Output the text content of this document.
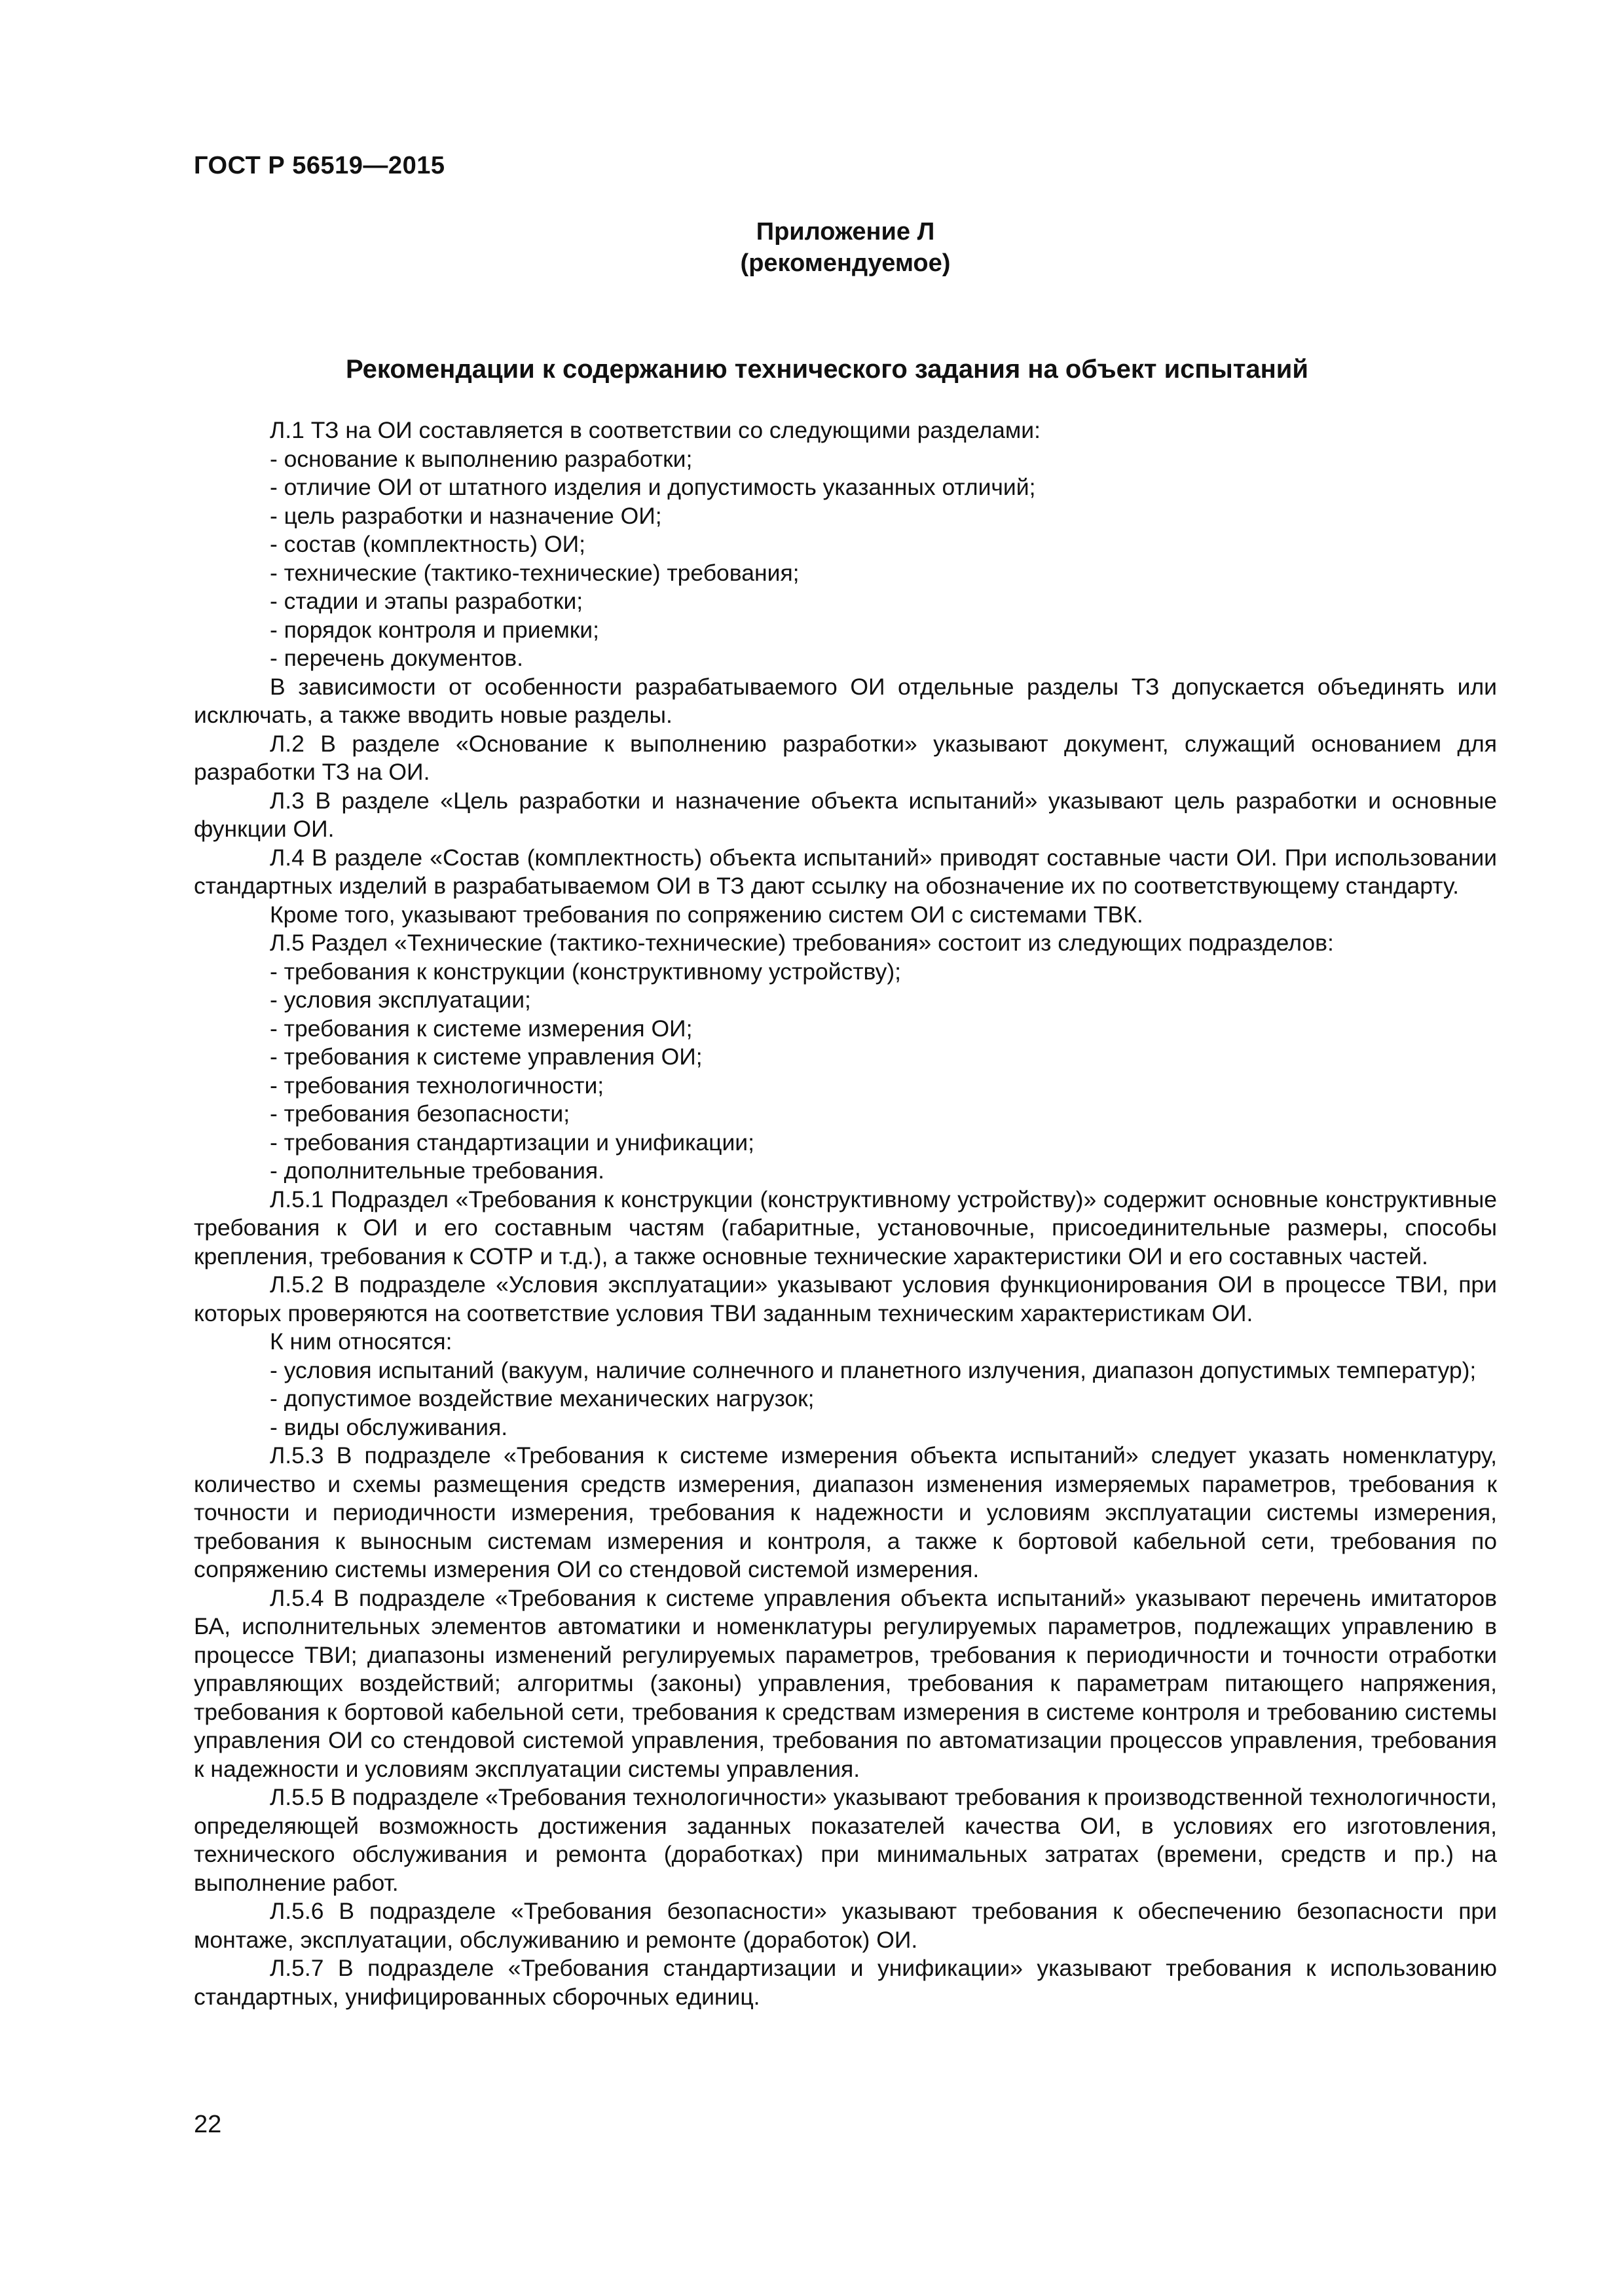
ГОСТ Р 56519—2015
Приложение Л
(рекомендуемое)
Рекомендации к содержанию технического задания на объект испытаний

Л.1 ТЗ на ОИ составляется в соответствии со следующими разделами:

- основание к выполнению разработки;

- отличие ОИ от штатного изделия и допустимость указанных отличий;

- цель разработки и назначение ОИ;

- состав (комплектность) ОИ;

- технические (тактико-технические) требования;

- стадии и этапы разработки;

- порядок контроля и приемки;

- перечень документов.

В зависимости от особенности разрабатываемого ОИ отдельные разделы ТЗ допускается объединять или исключать, а также вводить новые разделы.

Л.2 В разделе «Основание к выполнению разработки» указывают документ, служащий основанием для разработки ТЗ на ОИ.

Л.3 В разделе «Цель разработки и назначение объекта испытаний» указывают цель разработки и основные функции ОИ.

Л.4 В разделе «Состав (комплектность) объекта испытаний» приводят составные части ОИ. При использовании стандартных изделий в разрабатываемом ОИ в ТЗ дают ссылку на обозначение их по соответствующему стандарту.

Кроме того, указывают требования по сопряжению систем ОИ с системами ТВК.

Л.5 Раздел «Технические (тактико-технические) требования» состоит из следующих подразделов:

- требования к конструкции (конструктивному устройству);

- условия эксплуатации;

- требования к системе измерения ОИ;

- требования к системе управления ОИ;

- требования технологичности;

- требования безопасности;

- требования стандартизации и унификации;

- дополнительные требования.

Л.5.1 Подраздел «Требования к конструкции (конструктивному устройству)» содержит основные конструктивные требования к ОИ и его составным частям (габаритные, установочные, присоединительные размеры, способы крепления, требования к СОТР и т.д.), а также основные технические характеристики ОИ и его составных частей.

Л.5.2 В подразделе «Условия эксплуатации» указывают условия функционирования ОИ в процессе ТВИ, при которых проверяются на соответствие условия ТВИ заданным техническим характеристикам ОИ.

К ним относятся:

- условия испытаний (вакуум, наличие солнечного и планетного излучения, диапазон допустимых температур);

- допустимое воздействие механических нагрузок;

- виды обслуживания.

Л.5.3 В подразделе «Требования к системе измерения объекта испытаний» следует указать номенклатуру, количество и схемы размещения средств измерения, диапазон изменения измеряемых параметров, требования к точности и периодичности измерения, требования к надежности и условиям эксплуатации системы измерения, требования к выносным системам измерения и контроля, а также к бортовой кабельной сети, требования по сопряжению системы измерения ОИ со стендовой системой измерения.

Л.5.4 В подразделе «Требования к системе управления объекта испытаний» указывают перечень имитаторов БА, исполнительных элементов автоматики и номенклатуры регулируемых параметров, подлежащих управлению в процессе ТВИ; диапазоны изменений регулируемых параметров, требования к периодичности и точности отработки управляющих воздействий; алгоритмы (законы) управления, требования к параметрам питающего напряжения, требования к бортовой кабельной сети, требования к средствам измерения в системе контроля и требованию системы управления ОИ со стендовой системой управления, требования по автоматизации процессов управления, требования к надежности и условиям эксплуатации системы управления.

Л.5.5 В подразделе «Требования технологичности» указывают требования к производственной технологичности, определяющей возможность достижения заданных показателей качества ОИ, в условиях его изготовления, технического обслуживания и ремонта (доработках) при минимальных затратах (времени, средств и пр.) на выполнение работ.

Л.5.6 В подразделе «Требования безопасности» указывают требования к обеспечению безопасности при монтаже, эксплуатации, обслуживанию и ремонте (доработок) ОИ.

Л.5.7 В подразделе «Требования стандартизации и унификации» указывают требования к использованию стандартных, унифицированных сборочных единиц.

22
